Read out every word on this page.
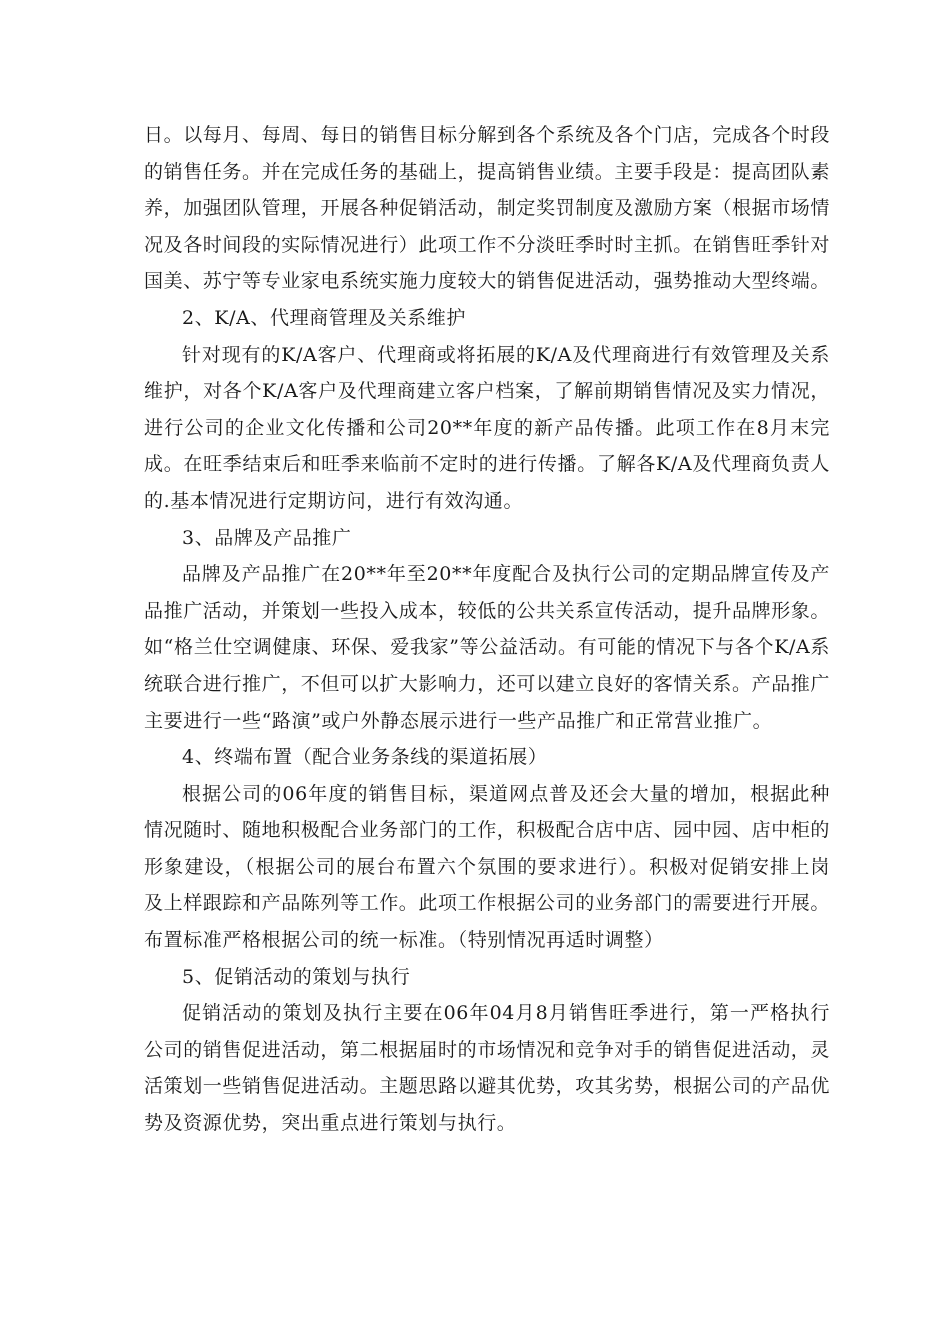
日。以每月、每周、每日的销售目标分解到各个系统及各个门店，完成各个时段的销售任务。并在完成任务的基础上，提高销售业绩。主要手段是：提高团队素养，加强团队管理，开展各种促销活动，制定奖罚制度及激励方案（根据市场情况及各时间段的实际情况进行）此项工作不分淡旺季时时主抓。在销售旺季针对国美、苏宁等专业家电系统实施力度较大的销售促进活动，强势推动大型终端。

2、K/A、代理商管理及关系维护

针对现有的K/A客户、代理商或将拓展的K/A及代理商进行有效管理及关系维护，对各个K/A客户及代理商建立客户档案，了解前期销售情况及实力情况，进行公司的企业文化传播和公司20**年度的新产品传播。此项工作在8月末完成。在旺季结束后和旺季来临前不定时的进行传播。了解各K/A及代理商负责人的.基本情况进行定期访问，进行有效沟通。

3、品牌及产品推广

品牌及产品推广在20**年至20**年度配合及执行公司的定期品牌宣传及产品推广活动，并策划一些投入成本，较低的公共关系宣传活动，提升品牌形象。如“格兰仕空调健康、环保、爱我家”等公益活动。有可能的情况下与各个K/A系统联合进行推广，不但可以扩大影响力，还可以建立良好的客情关系。产品推广主要进行一些“路演”或户外静态展示进行一些产品推广和正常营业推广。

4、终端布置（配合业务条线的渠道拓展）

根据公司的06年度的销售目标，渠道网点普及还会大量的增加，根据此种情况随时、随地积极配合业务部门的工作，积极配合店中店、园中园、店中柜的形象建设，（根据公司的展台布置六个氛围的要求进行）。积极对促销安排上岗及上样跟踪和产品陈列等工作。此项工作根据公司的业务部门的需要进行开展。布置标准严格根据公司的统一标准。（特别情况再适时调整）

5、促销活动的策划与执行

促销活动的策划及执行主要在06年04月8月销售旺季进行，第一严格执行公司的销售促进活动，第二根据届时的市场情况和竞争对手的销售促进活动，灵活策划一些销售促进活动。主题思路以避其优势，攻其劣势，根据公司的产品优势及资源优势，突出重点进行策划与执行。
